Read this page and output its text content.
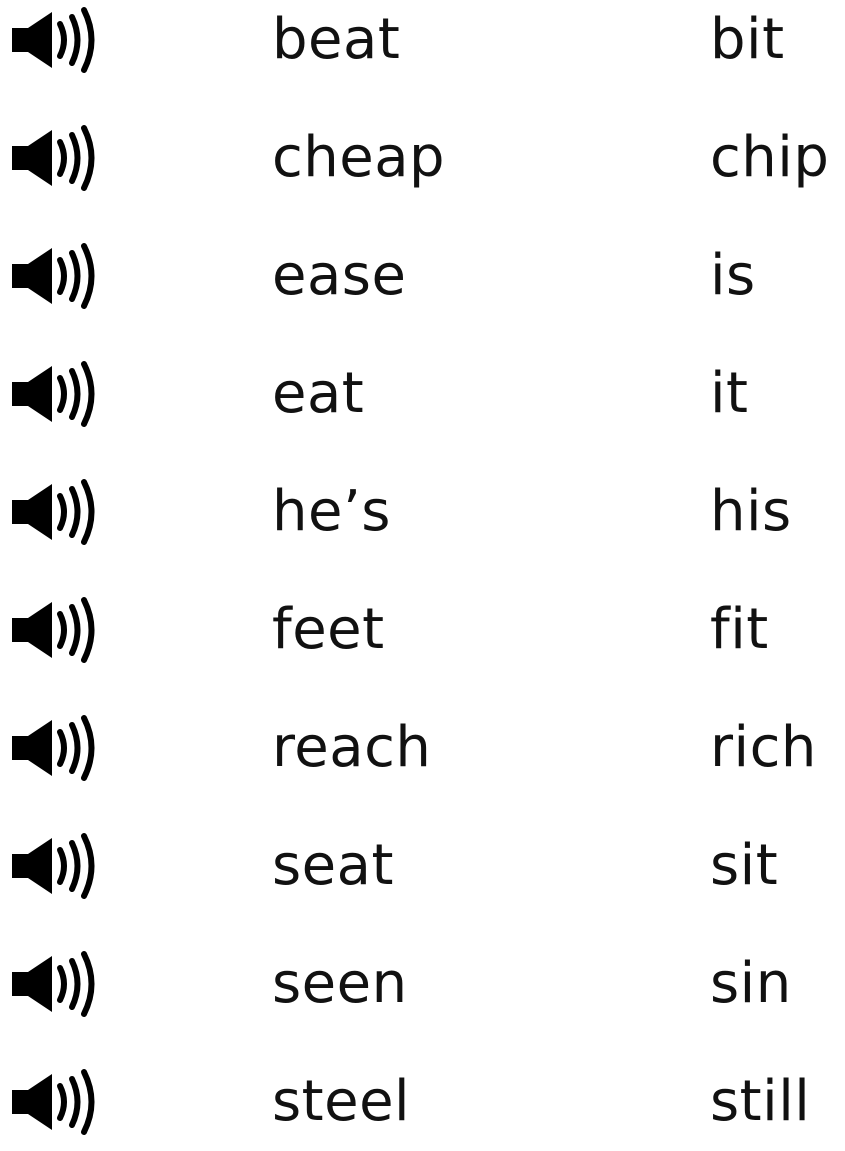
beat	bit
cheap	chip
ease	is
eat	it
he’s	his
feet	fit
reach	rich
seat	sit
seen	sin
steel	still
